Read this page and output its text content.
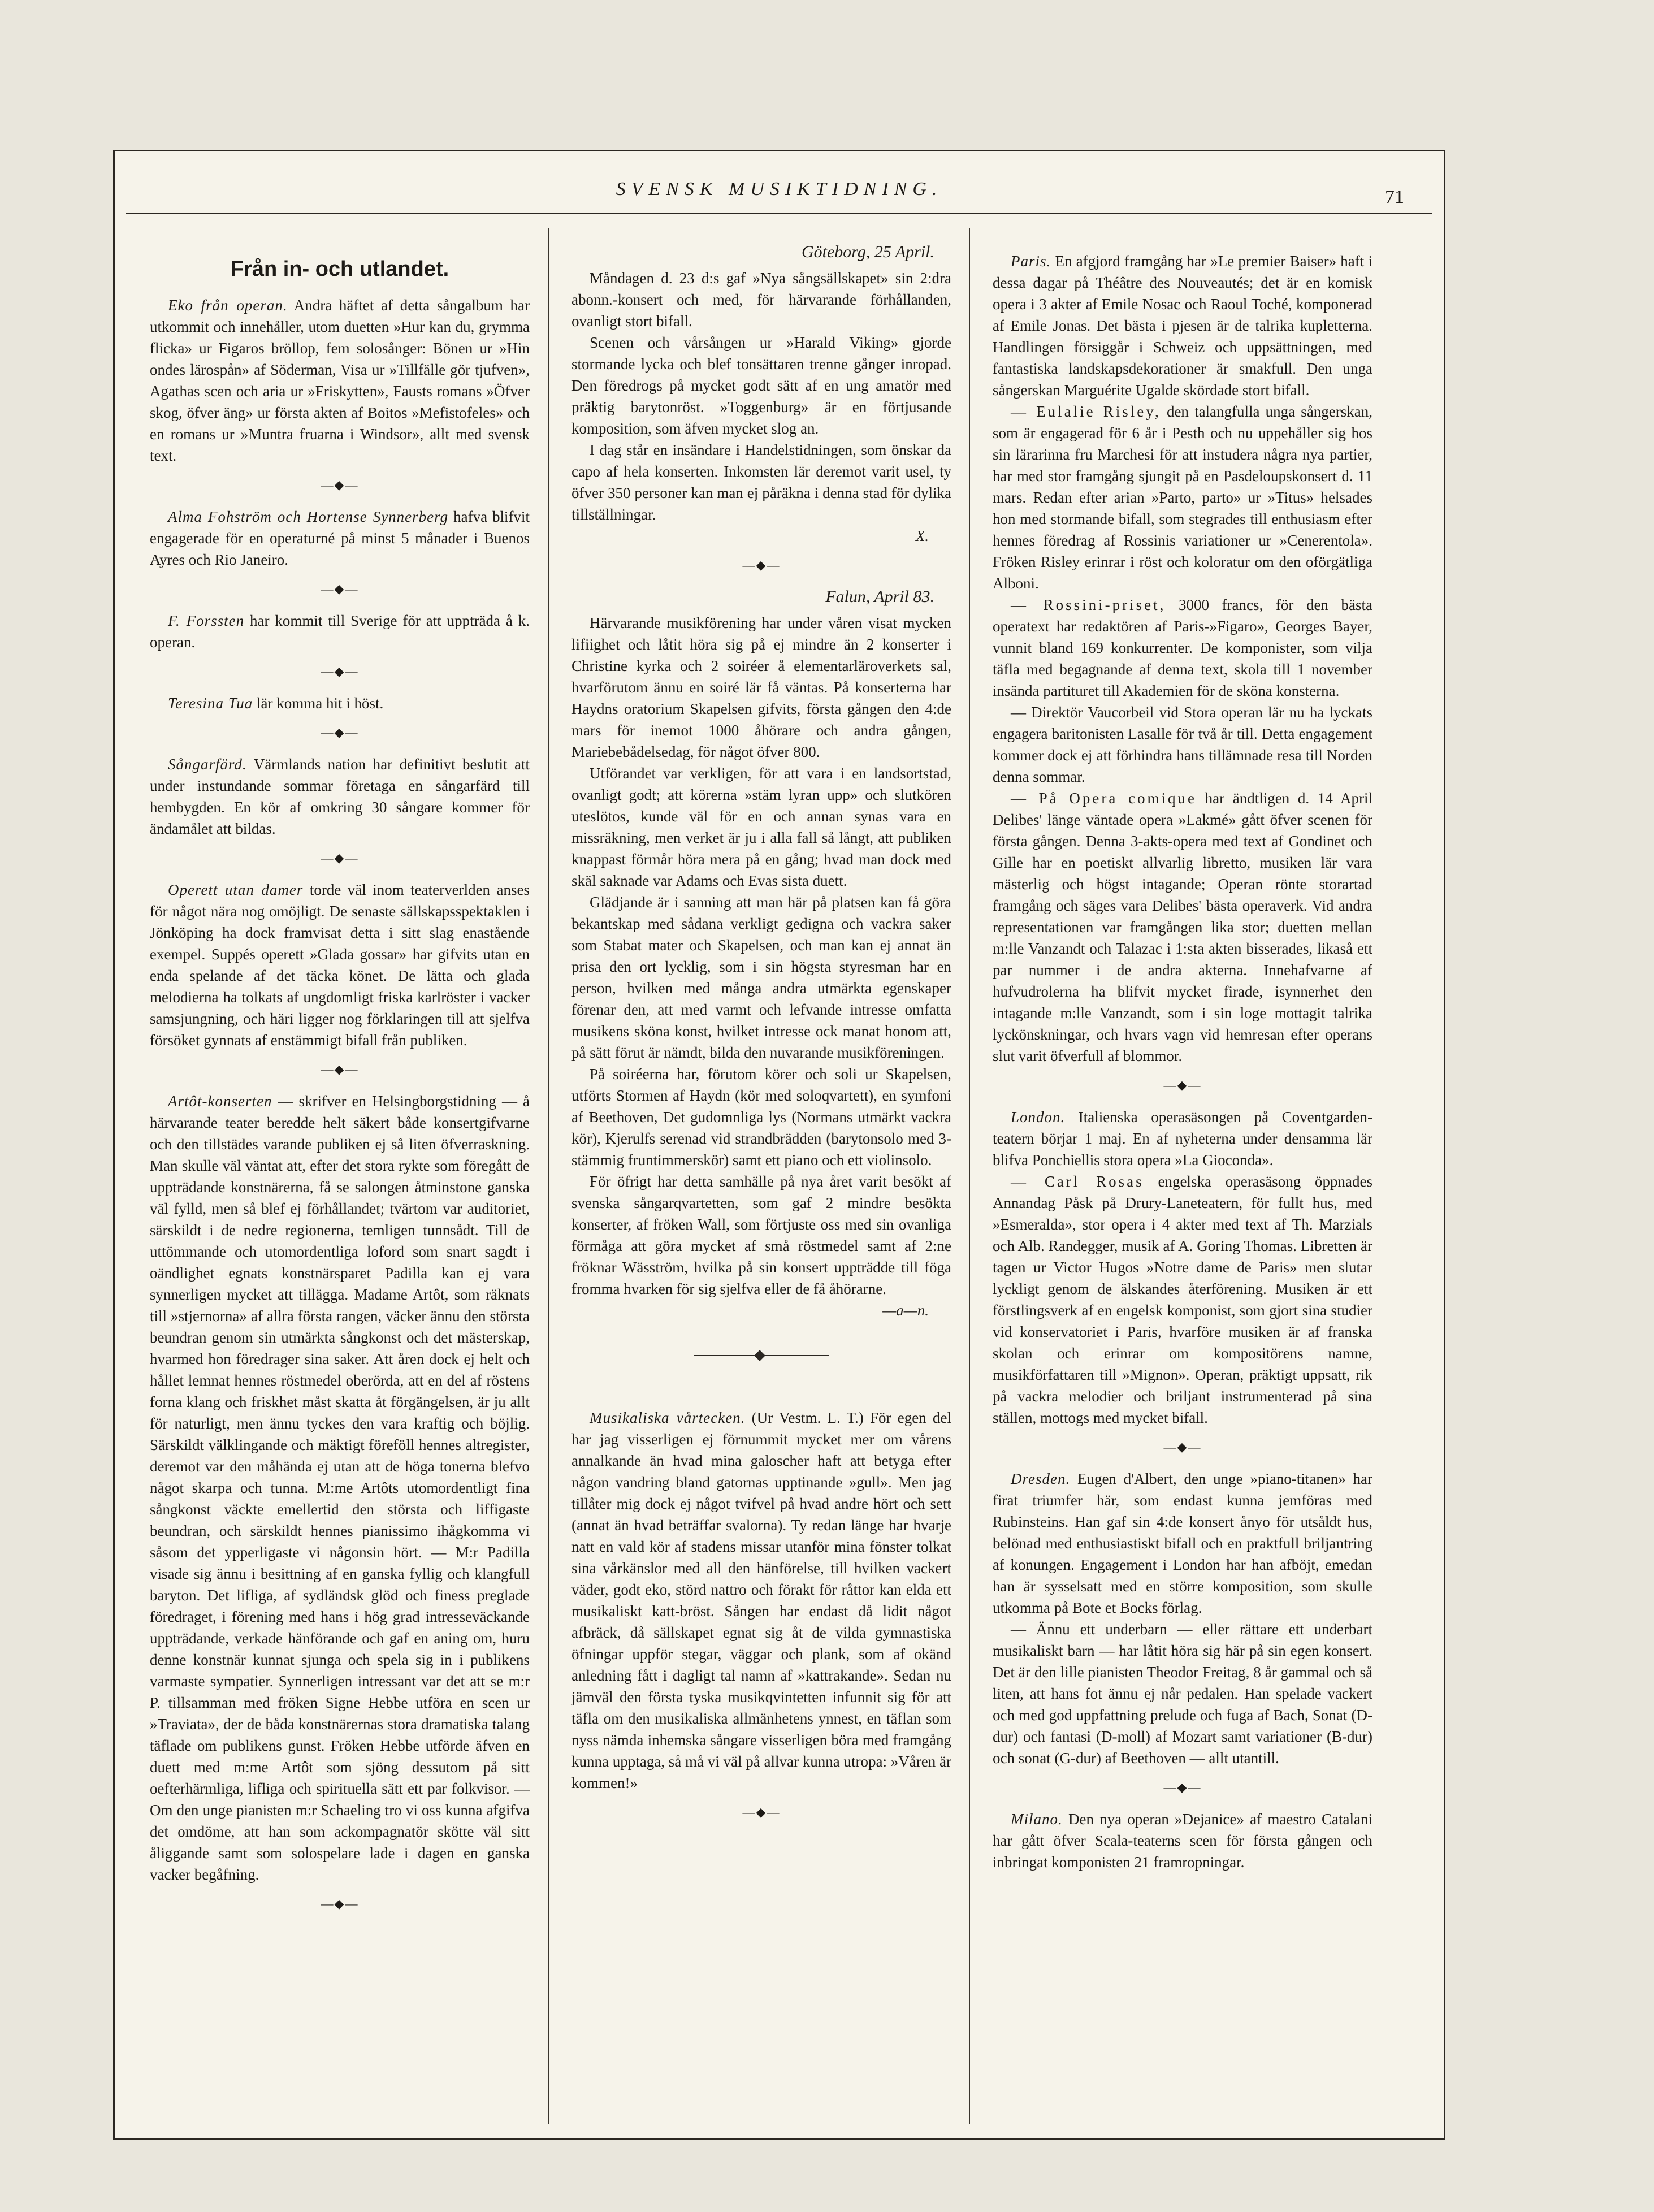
SVENSK MUSIKTIDNING.	71
Från in- och utlandet.

Eko från operan. Andra häftet af detta sångalbum har utkommit och innehåller, utom duetten »Hur kan du, grymma flicka» ur Figaros bröllop, fem solosånger: Bönen ur »Hin ondes lärospån» af Söderman, Visa ur »Tillfälle gör tjufven», Agathas scen och aria ur »Friskytten», Fausts romans »Öfver skog, öfver äng» ur första akten af Boitos »Mefistofeles» och en romans ur »Muntra fruarna i Windsor», allt med svensk text.

—◆—

Alma Fohström och Hortense Synnerberg hafva blifvit engagerade för en operaturné på minst 5 månader i Buenos Ayres och Rio Janeiro.

—◆—

F. Forssten har kommit till Sverige för att uppträda å k. operan.

—◆—

Teresina Tua lär komma hit i höst.

—◆—

Sångarfärd. Värmlands nation har definitivt beslutit att under instundande sommar företaga en sångarfärd till hembygden. En kör af omkring 30 sångare kommer för ändamålet att bildas.

—◆—

Operett utan damer torde väl inom teaterverlden anses för något nära nog omöjligt. De senaste sällskapsspektaklen i Jönköping ha dock framvisat detta i sitt slag enastående exempel. Suppés operett »Glada gossar» har gifvits utan en enda spelande af det täcka könet. De lätta och glada melodierna ha tolkats af ungdomligt friska karlröster i vacker samsjungning, och häri ligger nog förklaringen till att sjelfva försöket gynnats af enstämmigt bifall från publiken.

—◆—

Artôt-konserten — skrifver en Helsingborgstidning — å härvarande teater beredde helt säkert både konsertgifvarne och den tillstädes varande publiken ej så liten öfverraskning. Man skulle väl väntat att, efter det stora rykte som föregått de uppträdande konstnärerna, få se salongen åtminstone ganska väl fylld, men så blef ej förhållandet; tvärtom var auditoriet, särskildt i de nedre regionerna, temligen tunnsådt. Till de uttömmande och utomordentliga loford som snart sagdt i oändlighet egnats konstnärsparet Padilla kan ej vara synnerligen mycket att tillägga. Madame Artôt, som räknats till »stjernorna» af allra första rangen, väcker ännu den största beundran genom sin utmärkta sångkonst och det mästerskap, hvarmed hon föredrager sina saker. Att åren dock ej helt och hållet lemnat hennes röstmedel oberörda, att en del af röstens forna klang och friskhet måst skatta åt förgängelsen, är ju allt för naturligt, men ännu tyckes den vara kraftig och böjlig. Särskildt välklingande och mäktigt föreföll hennes altregister, deremot var den måhända ej utan att de höga tonerna blefvo något skarpa och tunna. M:me Artôts utomordentligt fina sångkonst väckte emellertid den största och liffigaste beundran, och särskildt hennes pianissimo ihågkomma vi såsom det ypperligaste vi någonsin hört. — M:r Padilla visade sig ännu i besittning af en ganska fyllig och klangfull baryton. Det lifliga, af sydländsk glöd och finess preglade föredraget, i förening med hans i hög grad intresseväckande uppträdande, verkade hänförande och gaf en aning om, huru denne konstnär kunnat sjunga och spela sig in i publikens varmaste sympatier. Synnerligen intressant var det att se m:r P. tillsamman med fröken Signe Hebbe utföra en scen ur »Traviata», der de båda konstnärernas stora dramatiska talang täflade om publikens gunst. Fröken Hebbe utförde äfven en duett med m:me Artôt som sjöng dessutom på sitt oefterhärmliga, lifliga och spirituella sätt ett par folkvisor. — Om den unge pianisten m:r Schaeling tro vi oss kunna afgifva det omdöme, att han som ackompagnatör skötte väl sitt åliggande samt som solospelare lade i dagen en ganska vacker begåfning.

—◆—
Göteborg, 25 April.

Måndagen d. 23 d:s gaf »Nya sångsällskapet» sin 2:dra abonn.-konsert och med, för härvarande förhållanden, ovanligt stort bifall.

Scenen och vårsången ur »Harald Viking» gjorde stormande lycka och blef tonsättaren trenne gånger inropad. Den föredrogs på mycket godt sätt af en ung amatör med präktig barytonröst. »Toggenburg» är en förtjusande komposition, som äfven mycket slog an.

I dag står en insändare i Handelstidningen, som önskar da capo af hela konserten. Inkomsten lär deremot varit usel, ty öfver 350 personer kan man ej påräkna i denna stad för dylika tillställningar.

X.

—◆—
Falun, April 83.

Härvarande musikförening har under våren visat mycken lifiighet och låtit höra sig på ej mindre än 2 konserter i Christine kyrka och 2 soiréer å elementarläroverkets sal, hvarförutom ännu en soiré lär få väntas. På konserterna har Haydns oratorium Skapelsen gifvits, första gången den 4:de mars för inemot 1000 åhörare och andra gången, Mariebebådelsedag, för något öfver 800.

Utförandet var verkligen, för att vara i en landsortstad, ovanligt godt; att körerna »stäm lyran upp» och slutkören uteslötos, kunde väl för en och annan synas vara en missräkning, men verket är ju i alla fall så långt, att publiken knappast förmår höra mera på en gång; hvad man dock med skäl saknade var Adams och Evas sista duett.

Glädjande är i sanning att man här på platsen kan få göra bekantskap med sådana verkligt gedigna och vackra saker som Stabat mater och Skapelsen, och man kan ej annat än prisa den ort lycklig, som i sin högsta styresman har en person, hvilken med många andra utmärkta egenskaper förenar den, att med varmt och lefvande intresse omfatta musikens sköna konst, hvilket intresse ock manat honom att, på sätt förut är nämdt, bilda den nuvarande musikföreningen.

På soiréerna har, förutom körer och soli ur Skapelsen, utförts Stormen af Haydn (kör med soloqvartett), en symfoni af Beethoven, Det gudomnliga lys (Normans utmärkt vackra kör), Kjerulfs serenad vid strandbrädden (barytonsolo med 3-stämmig fruntimmerskör) samt ett piano och ett violinsolo.

För öfrigt har detta samhälle på nya året varit besökt af svenska sångarqvartetten, som gaf 2 mindre besökta konserter, af fröken Wall, som förtjuste oss med sin ovanliga förmåga att göra mycket af små röstmedel samt af 2:ne fröknar Wäsström, hvilka på sin konsert uppträdde till föga fromma hvarken för sig sjelfva eller de få åhörarne.

—a—n.

Musikaliska vårtecken. (Ur Vestm. L. T.) För egen del har jag visserligen ej förnummit mycket mer om vårens annalkande än hvad mina galoscher haft att betyga efter någon vandring bland gatornas upptinande »gull». Men jag tillåter mig dock ej något tvifvel på hvad andre hört och sett (annat än hvad beträffar svalorna). Ty redan länge har hvarje natt en vald kör af stadens missar utanför mina fönster tolkat sina vårkänslor med all den hänförelse, till hvilken vackert väder, godt eko, störd nattro och förakt för råttor kan elda ett musikaliskt katt-bröst. Sången har endast då lidit något afbräck, då sällskapet egnat sig åt de vilda gymnastiska öfningar uppför stegar, väggar och plank, som af okänd anledning fått i dagligt tal namn af »kattrakande». Sedan nu jämväl den första tyska musikqvintetten infunnit sig för att täfla om den musikaliska allmänhetens ynnest, en täflan som nyss nämda inhemska sångare visserligen böra med framgång kunna upptaga, så må vi väl på allvar kunna utropa: »Våren är kommen!»

—◆—

Paris. En afgjord framgång har »Le premier Baiser» haft i dessa dagar på Théâtre des Nouveautés; det är en komisk opera i 3 akter af Emile Nosac och Raoul Toché, komponerad af Emile Jonas. Det bästa i pjesen är de talrika kupletterna. Handlingen försiggår i Schweiz och uppsättningen, med fantastiska landskapsdekorationer är smakfull. Den unga sångerskan Marguérite Ugalde skördade stort bifall.

— Eulalie Risley, den talangfulla unga sångerskan, som är engagerad för 6 år i Pesth och nu uppehåller sig hos sin lärarinna fru Marchesi för att instudera några nya partier, har med stor framgång sjungit på en Pasdeloupskonsert d. 11 mars. Redan efter arian »Parto, parto» ur »Titus» helsades hon med stormande bifall, som stegrades till enthusiasm efter hennes föredrag af Rossinis variationer ur »Cenerentola». Fröken Risley erinrar i röst och koloratur om den oförgätliga Alboni.

— Rossini-priset, 3000 francs, för den bästa operatext har redaktören af Paris-»Figaro», Georges Bayer, vunnit bland 169 konkurrenter. De komponister, som vilja täfla med begagnande af denna text, skola till 1 november insända partituret till Akademien för de sköna konsterna.

— Direktör Vaucorbeil vid Stora operan lär nu ha lyckats engagera baritonisten Lasalle för två år till. Detta engagement kommer dock ej att förhindra hans tillämnade resa till Norden denna sommar.

— På Opera comique har ändtligen d. 14 April Delibes' länge väntade opera »Lakmé» gått öfver scenen för första gången. Denna 3-akts-opera med text af Gondinet och Gille har en poetiskt allvarlig libretto, musiken lär vara mästerlig och högst intagande; Operan rönte storartad framgång och säges vara Delibes' bästa operaverk. Vid andra representationen var framgången lika stor; duetten mellan m:lle Vanzandt och Talazac i 1:sta akten bisserades, likaså ett par nummer i de andra akterna. Innehafvarne af hufvudrolerna ha blifvit mycket firade, isynnerhet den intagande m:lle Vanzandt, som i sin loge mottagit talrika lyckönskningar, och hvars vagn vid hemresan efter operans slut varit öfverfull af blommor.

—◆—

London. Italienska operasäsongen på Coventgarden-teatern börjar 1 maj. En af nyheterna under densamma lär blifva Ponchiellis stora opera »La Gioconda».

— Carl Rosas engelska operasäsong öppnades Annandag Påsk på Drury-Laneteatern, för fullt hus, med »Esmeralda», stor opera i 4 akter med text af Th. Marzials och Alb. Randegger, musik af A. Goring Thomas. Libretten är tagen ur Victor Hugos »Notre dame de Paris» men slutar lyckligt genom de älskandes återförening. Musiken är ett förstlingsverk af en engelsk komponist, som gjort sina studier vid konservatoriet i Paris, hvarföre musiken är af franska skolan och erinrar om kompositörens namne, musikförfattaren till »Mignon». Operan, präktigt uppsatt, rik på vackra melodier och briljant instrumenterad på sina ställen, mottogs med mycket bifall.

—◆—

Dresden. Eugen d'Albert, den unge »piano-titanen» har firat triumfer här, som endast kunna jemföras med Rubinsteins. Han gaf sin 4:de konsert ånyo för utsåldt hus, belönad med enthusiastiskt bifall och en praktfull briljantring af konungen. Engagement i London har han afböjt, emedan han är sysselsatt med en större komposition, som skulle utkomma på Bote et Bocks förlag.

— Ännu ett underbarn — eller rättare ett underbart musikaliskt barn — har låtit höra sig här på sin egen konsert. Det är den lille pianisten Theodor Freitag, 8 år gammal och så liten, att hans fot ännu ej når pedalen. Han spelade vackert och med god uppfattning prelude och fuga af Bach, Sonat (D-dur) och fantasi (D-moll) af Mozart samt variationer (B-dur) och sonat (G-dur) af Beethoven — allt utantill.

—◆—

Milano. Den nya operan »Dejanice» af maestro Catalani har gått öfver Scala-teaterns scen för första gången och inbringat komponisten 21 framropningar.
